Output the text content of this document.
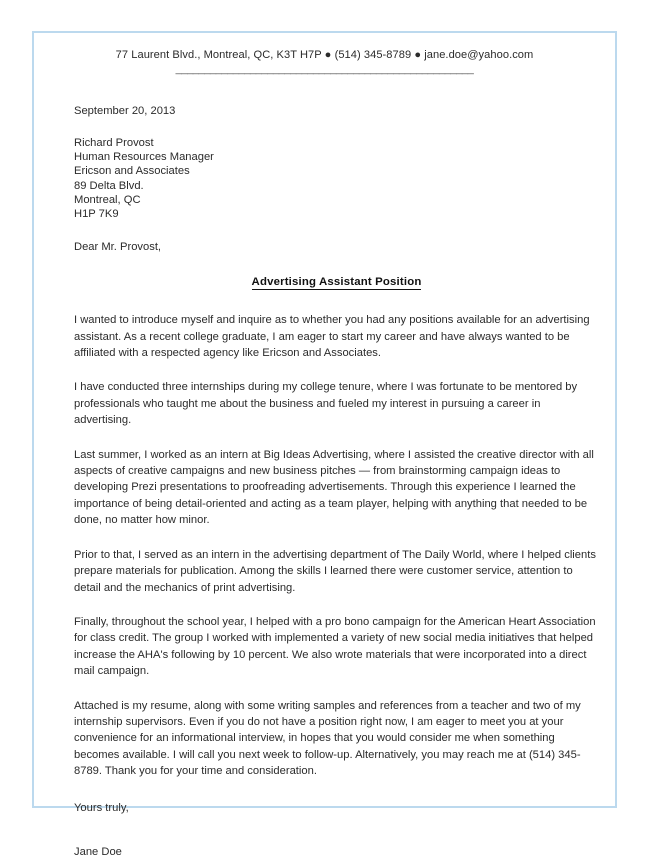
77 Laurent Blvd., Montreal, QC, K3T H7P ● (514) 345-8789 ● jane.doe@yahoo.com
____________________________________________________
September 20, 2013
Richard Provost
Human Resources Manager
Ericson and Associates
89 Delta Blvd.
Montreal, QC
H1P 7K9
Dear Mr. Provost,
Advertising Assistant Position

I wanted to introduce myself and inquire as to whether you had any positions available for an advertising assistant. As a recent college graduate, I am eager to start my career and have always wanted to be affiliated with a respected agency like Ericson and Associates.

I have conducted three internships during my college tenure, where I was fortunate to be mentored by professionals who taught me about the business and fueled my interest in pursuing a career in advertising.

Last summer, I worked as an intern at Big Ideas Advertising, where I assisted the creative director with all aspects of creative campaigns and new business pitches — from brainstorming campaign ideas to developing Prezi presentations to proofreading advertisements. Through this experience I learned the importance of being detail-oriented and acting as a team player, helping with anything that needed to be done, no matter how minor.

Prior to that, I served as an intern in the advertising department of The Daily World, where I helped clients prepare materials for publication. Among the skills I learned there were customer service, attention to detail and the mechanics of print advertising.

Finally, throughout the school year, I helped with a pro bono campaign for the American Heart Association for class credit. The group I worked with implemented a variety of new social media initiatives that helped increase the AHA's following by 10 percent. We also wrote materials that were incorporated into a direct mail campaign.

Attached is my resume, along with some writing samples and references from a teacher and two of my internship supervisors. Even if you do not have a position right now, I am eager to meet you at your convenience for an informational interview, in hopes that you would consider me when something becomes available. I will call you next week to follow-up. Alternatively, you may reach me at (514) 345-8789. Thank you for your time and consideration.

Yours truly,
Jane Doe
